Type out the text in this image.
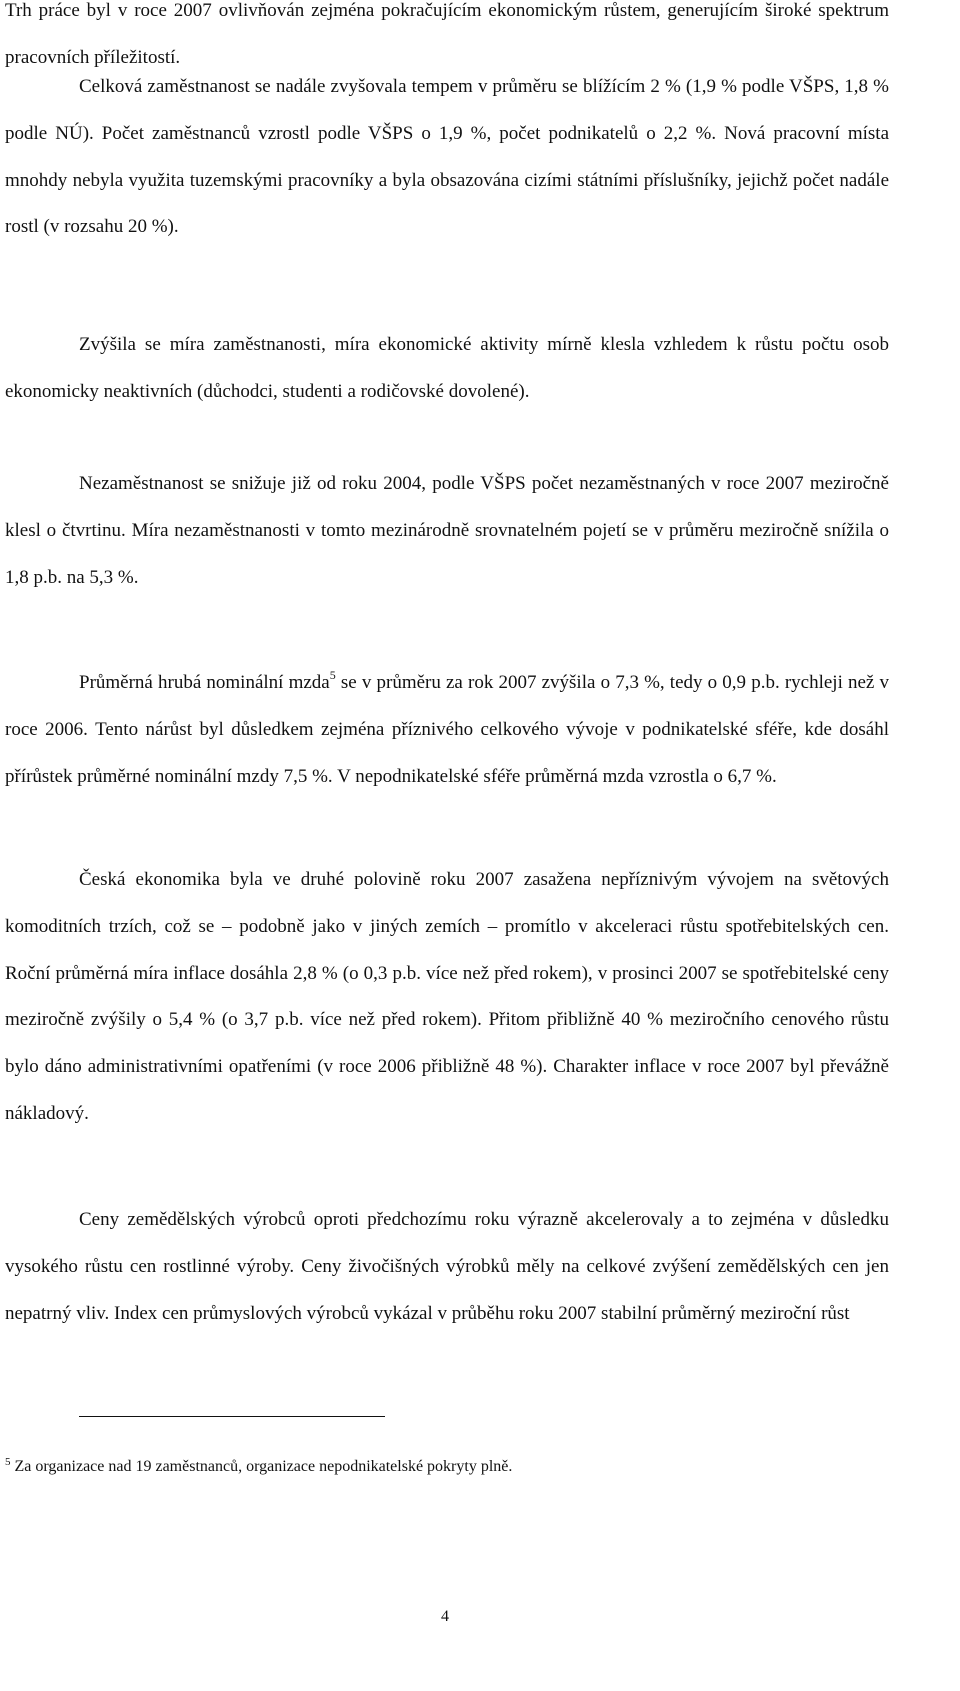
Trh práce byl v roce 2007 ovlivňován zejména pokračujícím ekonomickým růstem, generujícím široké spektrum pracovních příležitostí.

Celková zaměstnanost se nadále zvyšovala tempem v průměru se blížícím 2 % (1,9 % podle VŠPS, 1,8 % podle NÚ). Počet zaměstnanců vzrostl podle VŠPS o 1,9 %, počet podnikatelů o 2,2 %. Nová pracovní místa mnohdy nebyla využita tuzemskými pracovníky a byla obsazována cizími státními příslušníky, jejichž počet nadále rostl (v rozsahu 20 %).

Zvýšila se míra zaměstnanosti, míra ekonomické aktivity mírně klesla vzhledem k růstu počtu osob ekonomicky neaktivních (důchodci, studenti a rodičovské dovolené).

Nezaměstnanost se snižuje již od roku 2004, podle VŠPS počet nezaměstnaných v roce 2007 meziročně klesl o čtvrtinu. Míra nezaměstnanosti v tomto mezinárodně srovnatelném pojetí se v průměru meziročně snížila o 1,8 p.b. na 5,3 %.

Průměrná hrubá nominální mzda$^5$ se v průměru za rok 2007 zvýšila o 7,3 %, tedy o 0,9 p.b. rychleji než v roce 2006. Tento nárůst byl důsledkem zejména příznivého celkového vývoje v podnikatelské sféře, kde dosáhl přírůstek průměrné nominální mzdy 7,5 %. V nepodnikatelské sféře průměrná mzda vzrostla o 6,7 %.

Česká ekonomika byla ve druhé polovině roku 2007 zasažena nepříznivým vývojem na světových komoditních trzích, což se – podobně jako v jiných zemích – promítlo v akceleraci růstu spotřebitelských cen. Roční průměrná míra inflace dosáhla 2,8 % (o 0,3 p.b. více než před rokem), v prosinci 2007 se spotřebitelské ceny meziročně zvýšily o 5,4 % (o 3,7 p.b. více než před rokem). Přitom přibližně 40 % meziročního cenového růstu bylo dáno administrativními opatřeními (v roce 2006 přibližně 48 %). Charakter inflace v roce 2007 byl převážně nákladový.

Ceny zemědělských výrobců oproti předchozímu roku výrazně akcelerovaly a to zejména v důsledku vysokého růstu cen rostlinné výroby. Ceny živočišných výrobků měly na celkové zvýšení zemědělských cen jen nepatrný vliv. Index cen průmyslových výrobců vykázal v průběhu roku 2007 stabilní průměrný meziroční růst

$^5$ Za organizace nad 19 zaměstnanců, organizace nepodnikatelské pokryty plně.

4
